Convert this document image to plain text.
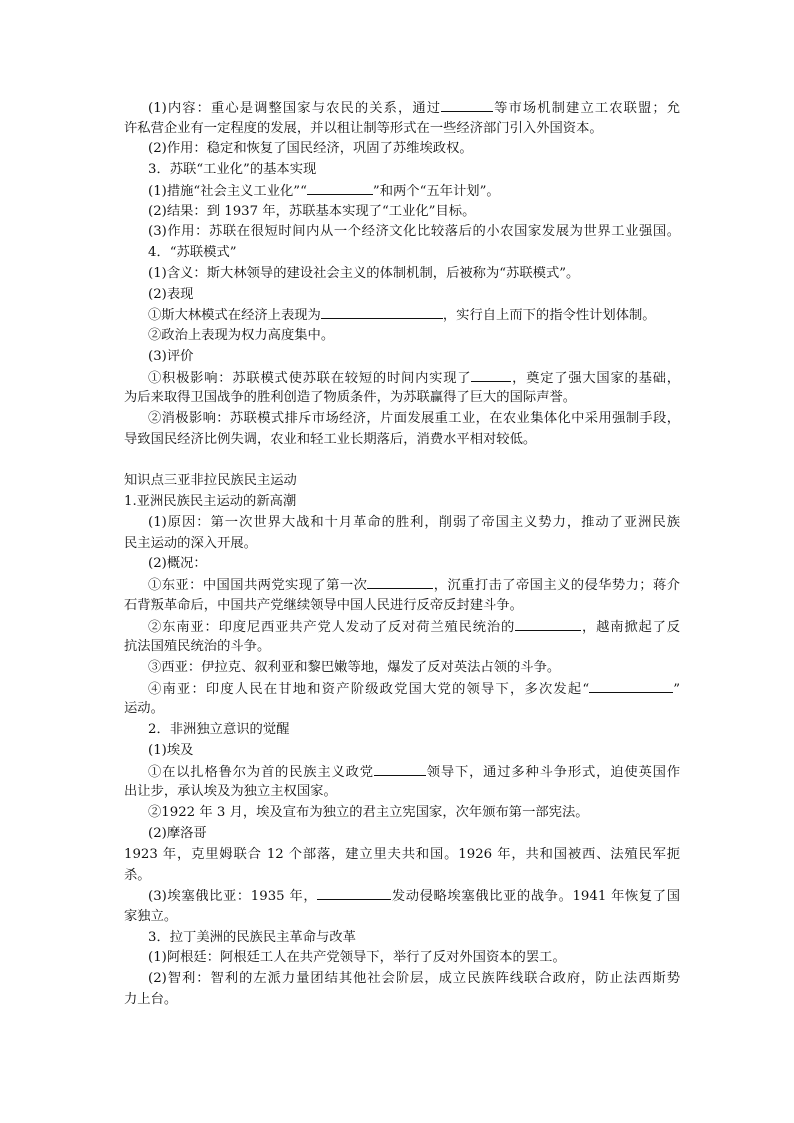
(1)内容：重心是调整国家与农民的关系，通过	等市场机制建立工农联盟；允
许私营企业有一定程度的发展，并以租让制等形式在一些经济部门引入外国资本。
(2)作用：稳定和恢复了国民经济，巩固了苏维埃政权。
3．苏联“工业化”的基本实现
(1)措施“社会主义工业化”“	”和两个“五年计划”。
(2)结果：到 1937 年，苏联基本实现了“工业化”目标。
(3)作用：苏联在很短时间内从一个经济文化比较落后的小农国家发展为世界工业强国。
4．“苏联模式”
(1)含义：斯大林领导的建设社会主义的体制机制，后被称为“苏联模式”。
(2)表现
①斯大林模式在经济上表现为	，实行自上而下的指令性计划体制。
②政治上表现为权力高度集中。
(3)评价
①积极影响：苏联模式使苏联在较短的时间内实现了	，奠定了强大国家的基础，
为后来取得卫国战争的胜利创造了物质条件，为苏联赢得了巨大的国际声誉。
②消极影响：苏联模式排斥市场经济，片面发展重工业，在农业集体化中采用强制手段，
导致国民经济比例失调，农业和轻工业长期落后，消费水平相对较低。
知识点三亚非拉民族民主运动
1.亚洲民族民主运动的新高潮
(1)原因：第一次世界大战和十月革命的胜利，削弱了帝国主义势力，推动了亚洲民族
民主运动的深入开展。
(2)概况：
①东亚：中国国共两党实现了第一次	，沉重打击了帝国主义的侵华势力；蒋介
石背叛革命后，中国共产党继续领导中国人民进行反帝反封建斗争。
②东南亚：印度尼西亚共产党人发动了反对荷兰殖民统治的	，越南掀起了反
抗法国殖民统治的斗争。
③西亚：伊拉克、叙利亚和黎巴嫩等地，爆发了反对英法占领的斗争。
④南亚：印度人民在甘地和资产阶级政党国大党的领导下，多次发起“	”
运动。
2．非洲独立意识的觉醒
(1)埃及
①在以扎格鲁尔为首的民族主义政党	领导下，通过多种斗争形式，迫使英国作
出让步，承认埃及为独立主权国家。
②1922 年 3 月，埃及宣布为独立的君主立宪国家，次年颁布第一部宪法。
(2)摩洛哥
1923 年，克里姆联合 12 个部落，建立里夫共和国。1926 年，共和国被西、法殖民军扼
杀。
(3)埃塞俄比亚：1935 年，	发动侵略埃塞俄比亚的战争。1941 年恢复了国
家独立。
3．拉丁美洲的民族民主革命与改革
(1)阿根廷：阿根廷工人在共产党领导下，举行了反对外国资本的罢工。
(2)智利：智利的左派力量团结其他社会阶层，成立民族阵线联合政府，防止法西斯势
力上台。
